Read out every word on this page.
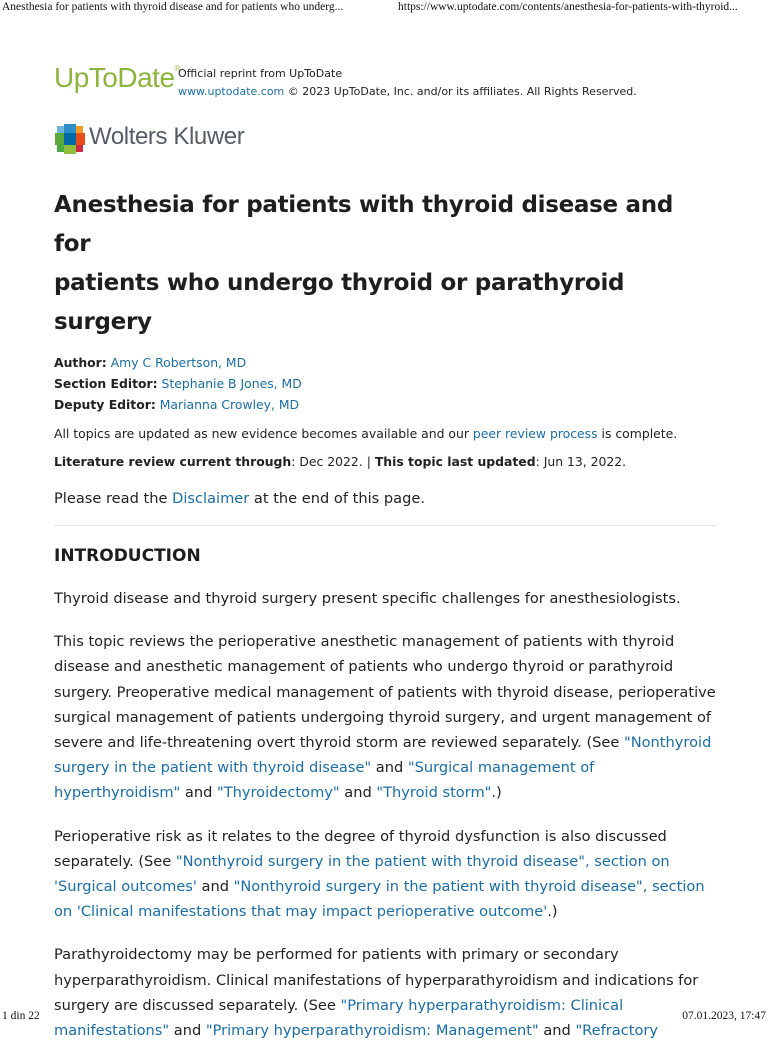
Anesthesia for patients with thyroid disease and for patients who underg...	https://www.uptodate.com/contents/anesthesia-for-patients-with-thyroid...
UpToDate®
Official reprint from UpToDate
www.uptodate.com © 2023 UpToDate, Inc. and/or its affiliates. All Rights Reserved.
Wolters Kluwer
Anesthesia for patients with thyroid disease and for
patients who undergo thyroid or parathyroid surgery
Author: Amy C Robertson, MD
Section Editor: Stephanie B Jones, MD
Deputy Editor: Marianna Crowley, MD
All topics are updated as new evidence becomes available and our peer review process is complete.
Literature review current through: Dec 2022. | This topic last updated: Jun 13, 2022.
Please read the Disclaimer at the end of this page.
INTRODUCTION

Thyroid disease and thyroid surgery present specific challenges for anesthesiologists.

This topic reviews the perioperative anesthetic management of patients with thyroid disease and anesthetic management of patients who undergo thyroid or parathyroid surgery. Preoperative medical management of patients with thyroid disease, perioperative surgical management of patients undergoing thyroid surgery, and urgent management of severe and life-threatening overt thyroid storm are reviewed separately. (See "Nonthyroid surgery in the patient with thyroid disease" and "Surgical management of hyperthyroidism" and "Thyroidectomy" and "Thyroid storm".)

Perioperative risk as it relates to the degree of thyroid dysfunction is also discussed separately. (See "Nonthyroid surgery in the patient with thyroid disease", section on 'Surgical outcomes' and "Nonthyroid surgery in the patient with thyroid disease", section on 'Clinical manifestations that may impact perioperative outcome'.)

Parathyroidectomy may be performed for patients with primary or secondary hyperparathyroidism. Clinical manifestations of hyperparathyroidism and indications for surgery are discussed separately. (See "Primary hyperparathyroidism: Clinical manifestations" and "Primary hyperparathyroidism: Management" and "Refractory

1 din 22	07.01.2023, 17:47
